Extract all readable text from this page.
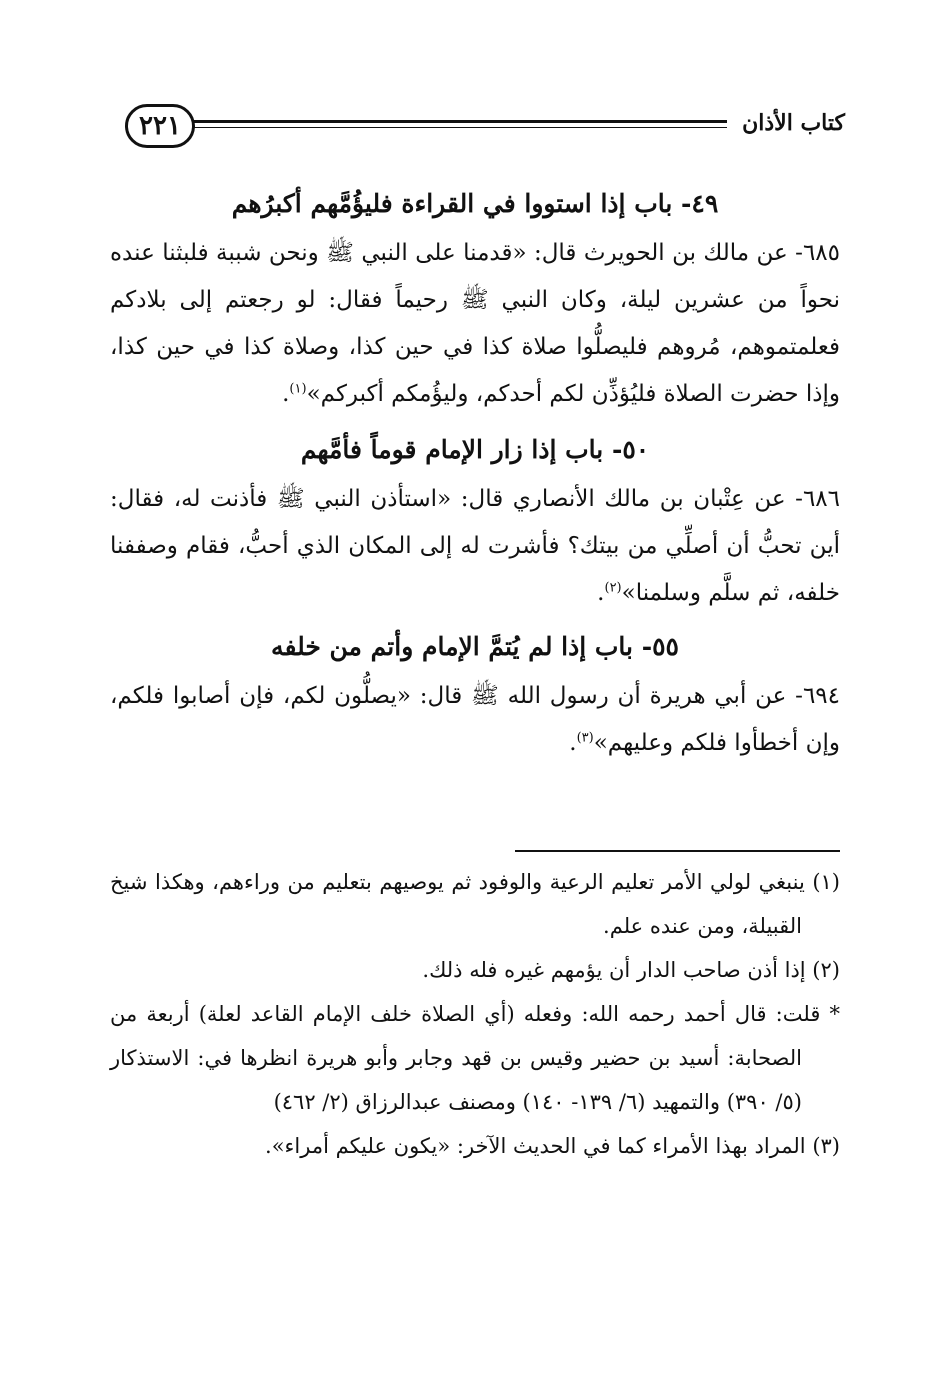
كتاب الأذان
٢٢١
٤٩- باب إذا استووا في القراءة فليؤُمَّهم أكبرُهم

٦٨٥- عن مالك بن الحويرث قال: «قدمنا على النبي ﷺ ونحن شببة فلبثنا عنده نحواً من عشرين ليلة، وكان النبي ﷺ رحيماً فقال: لو رجعتم إلى بلادكم فعلمتموهم، مُروهم فليصلُّوا صلاة كذا في حين كذا، وصلاة كذا في حين كذا، وإذا حضرت الصلاة فليُؤذِّن لكم أحدكم، وليؤُمكم أكبركم»$^{(١)}$.

٥٠- باب إذا زار الإمام قوماً فأمَّهم

٦٨٦- عن عِتْبان بن مالك الأنصاري قال: «استأذن النبي ﷺ فأذنت له، فقال: أين تحبُّ أن أصلِّي من بيتك؟ فأشرت له إلى المكان الذي أحبُّ، فقام وصففنا خلفه، ثم سلَّم وسلمنا»$^{(٢)}$.

٥٥- باب إذا لم يُتمَّ الإمام وأتم من خلفه

٦٩٤- عن أبي هريرة أن رسول الله ﷺ قال: «يصلُّون لكم، فإن أصابوا فلكم، وإن أخطأوا فلكم وعليهم»$^{(٣)}$.

(١) ينبغي لولي الأمر تعليم الرعية والوفود ثم يوصيهم بتعليم من وراءهم، وهكذا شيخ القبيلة، ومن عنده علم.

(٢) إذا أذن صاحب الدار أن يؤمهم غيره فله ذلك.

* قلت: قال أحمد رحمه الله: وفعله (أي الصلاة خلف الإمام القاعد لعلة) أربعة من الصحابة: أسيد بن حضير وقيس بن قهد وجابر وأبو هريرة انظرها في: الاستذكار (٥/ ٣٩٠) والتمهيد (٦/ ١٣٩- ١٤٠) ومصنف عبدالرزاق (٢/ ٤٦٢)

(٣) المراد بهذا الأمراء كما في الحديث الآخر: «يكون عليكم أمراء».
